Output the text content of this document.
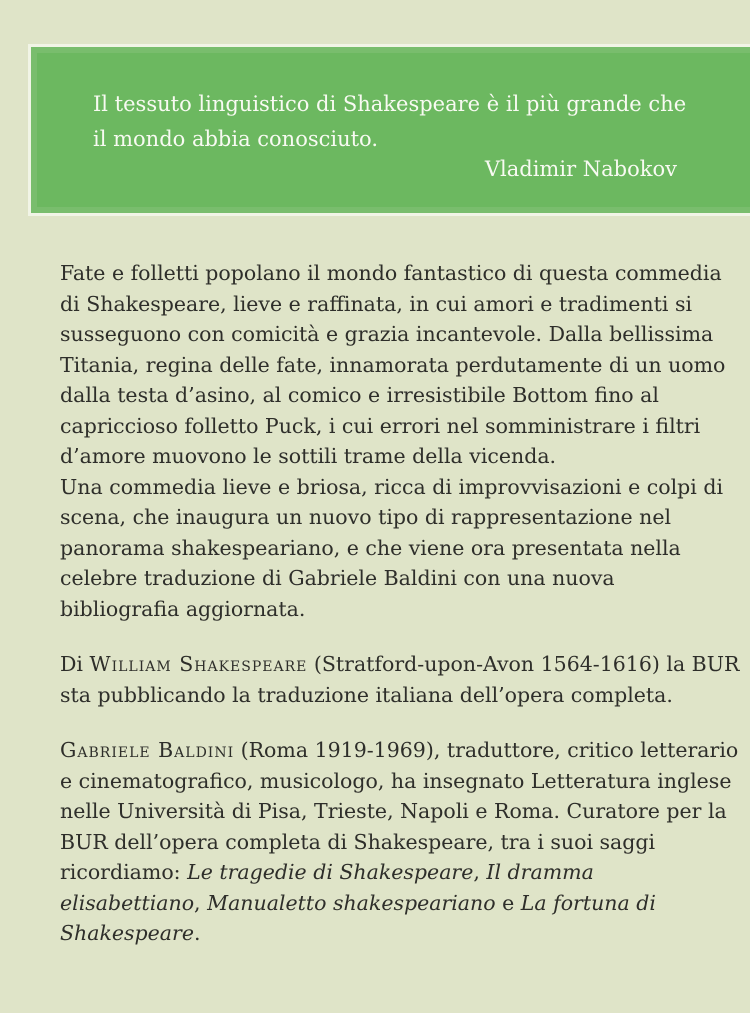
Il tessuto linguistico di Shakespeare è il più grande che il mondo abbia conosciuto.
Vladimir Nabokov

Fate e folletti popolano il mondo fantastico di questa commedia di Shakespeare, lieve e raffinata, in cui amori e tradimenti si susseguono con comicità e grazia incantevole. Dalla bellissima Titania, regina delle fate, innamorata perdutamente di un uomo dalla testa d’asino, al comico e irresistibile Bottom fino al capriccioso folletto Puck, i cui errori nel somministrare i filtri d’amore muovono le sottili trame della vicenda.

Una commedia lieve e briosa, ricca di improvvisazioni e colpi di scena, che inaugura un nuovo tipo di rappresentazione nel panorama shakespeariano, e che viene ora presentata nella celebre traduzione di Gabriele Baldini con una nuova bibliografia aggiornata.

Di William Shakespeare (Stratford-upon-Avon 1564-1616) la BUR sta pubblicando la traduzione italiana dell’opera completa.

Gabriele Baldini (Roma 1919-1969), traduttore, critico letterario e cinematografico, musicologo, ha insegnato Letteratura inglese nelle Università di Pisa, Trieste, Napoli e Roma. Curatore per la BUR dell’opera completa di Shakespeare, tra i suoi saggi ricordiamo: Le tragedie di Shakespeare, Il dramma elisabettiano, Manualetto shakespeariano e La fortuna di Shakespeare.
